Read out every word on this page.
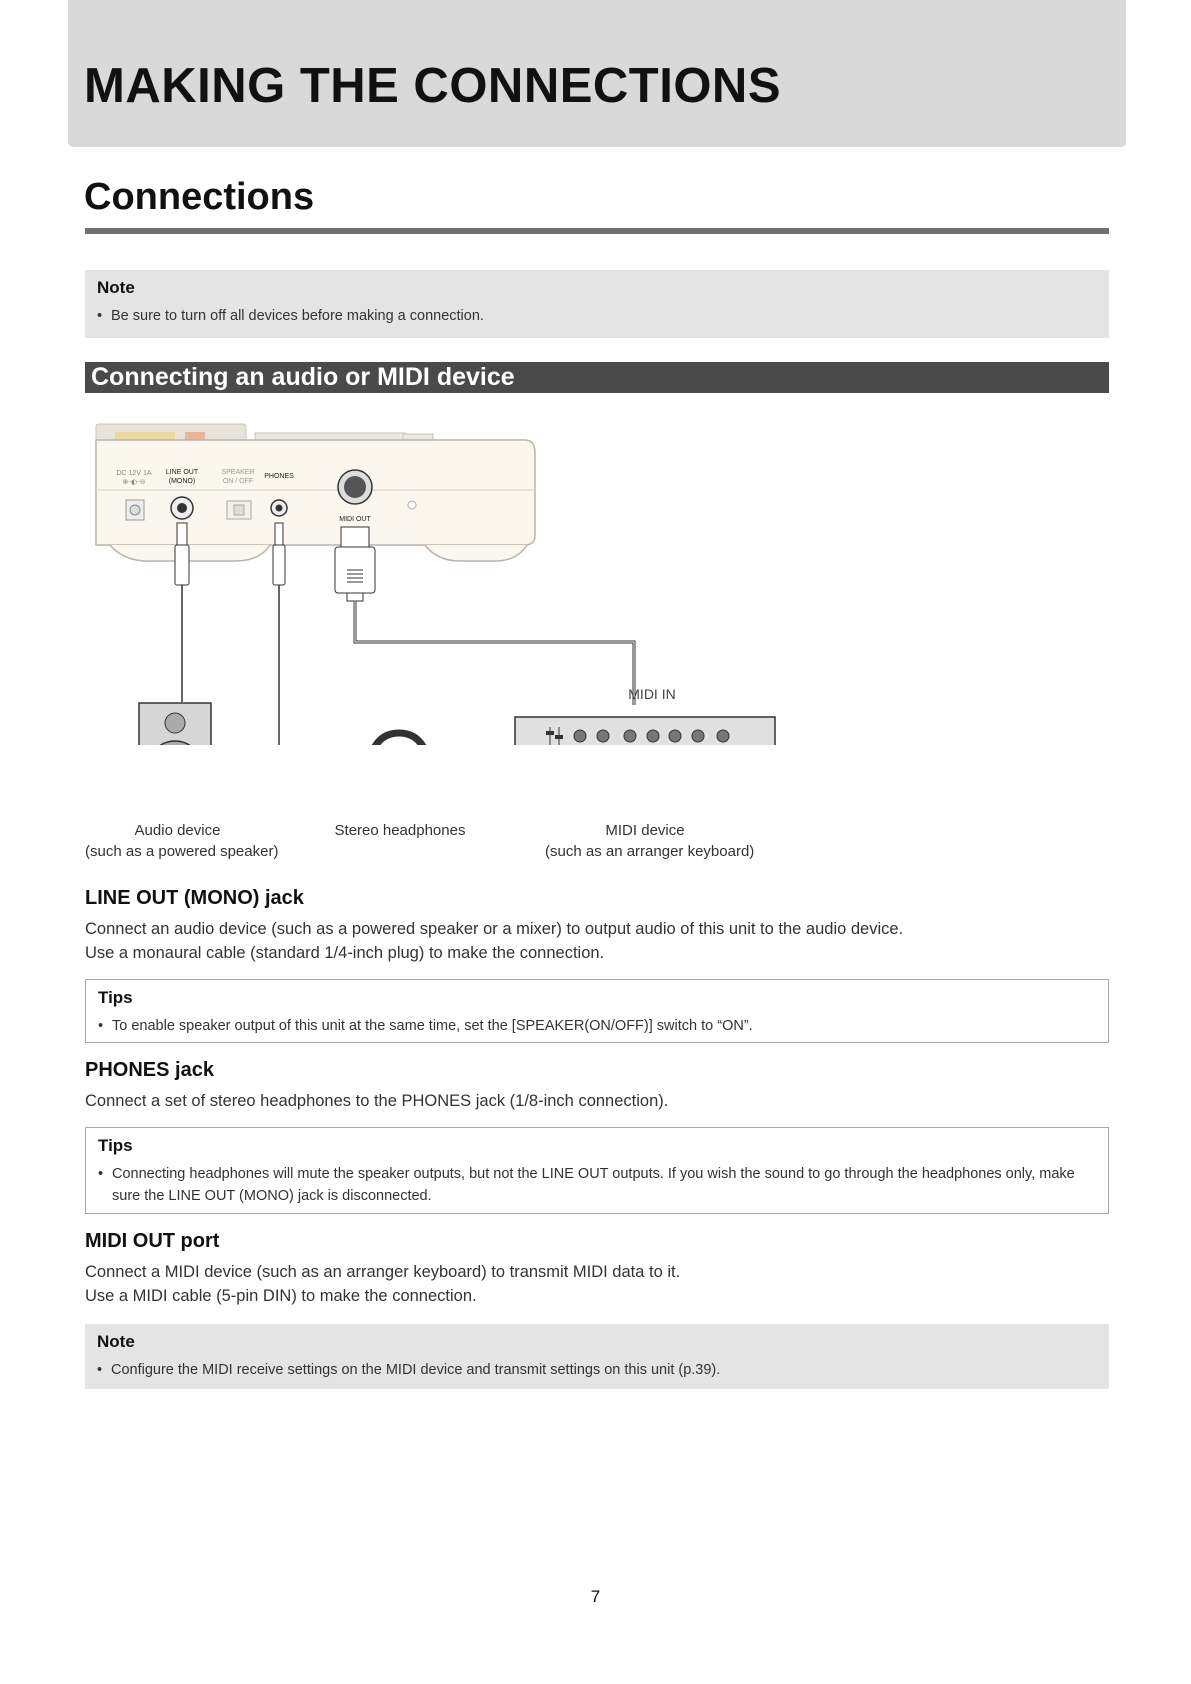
MAKING THE CONNECTIONS
Connections
Note
• Be sure to turn off all devices before making a connection.
Connecting an audio or MIDI device
DC 12V 1A
⊕-◐-⊖
LINE OUT
(MONO)
SPEAKER
ON / OFF
PHONES
MIDI OUT
MIDI IN
Audio device
(such as a powered speaker)
Stereo headphones	MIDI device
(such as an arranger keyboard)
LINE OUT (MONO) jack
Connect an audio device (such as a powered speaker or a mixer) to output audio of this unit to the audio device.
Use a monaural cable (standard 1/4-inch plug) to make the connection.
Tips
• To enable speaker output of this unit at the same time, set the [SPEAKER(ON/OFF)] switch to “ON”.
PHONES jack
Connect a set of stereo headphones to the PHONES jack (1/8-inch connection).
Tips
• Connecting headphones will mute the speaker outputs, but not the LINE OUT outputs. If you wish the sound to go through the headphones only, make
sure the LINE OUT (MONO) jack is disconnected.
MIDI OUT port
Connect a MIDI device (such as an arranger keyboard) to transmit MIDI data to it.
Use a MIDI cable (5-pin DIN) to make the connection.
Note
• Configure the MIDI receive settings on the MIDI device and transmit settings on this unit (p.39).
7
